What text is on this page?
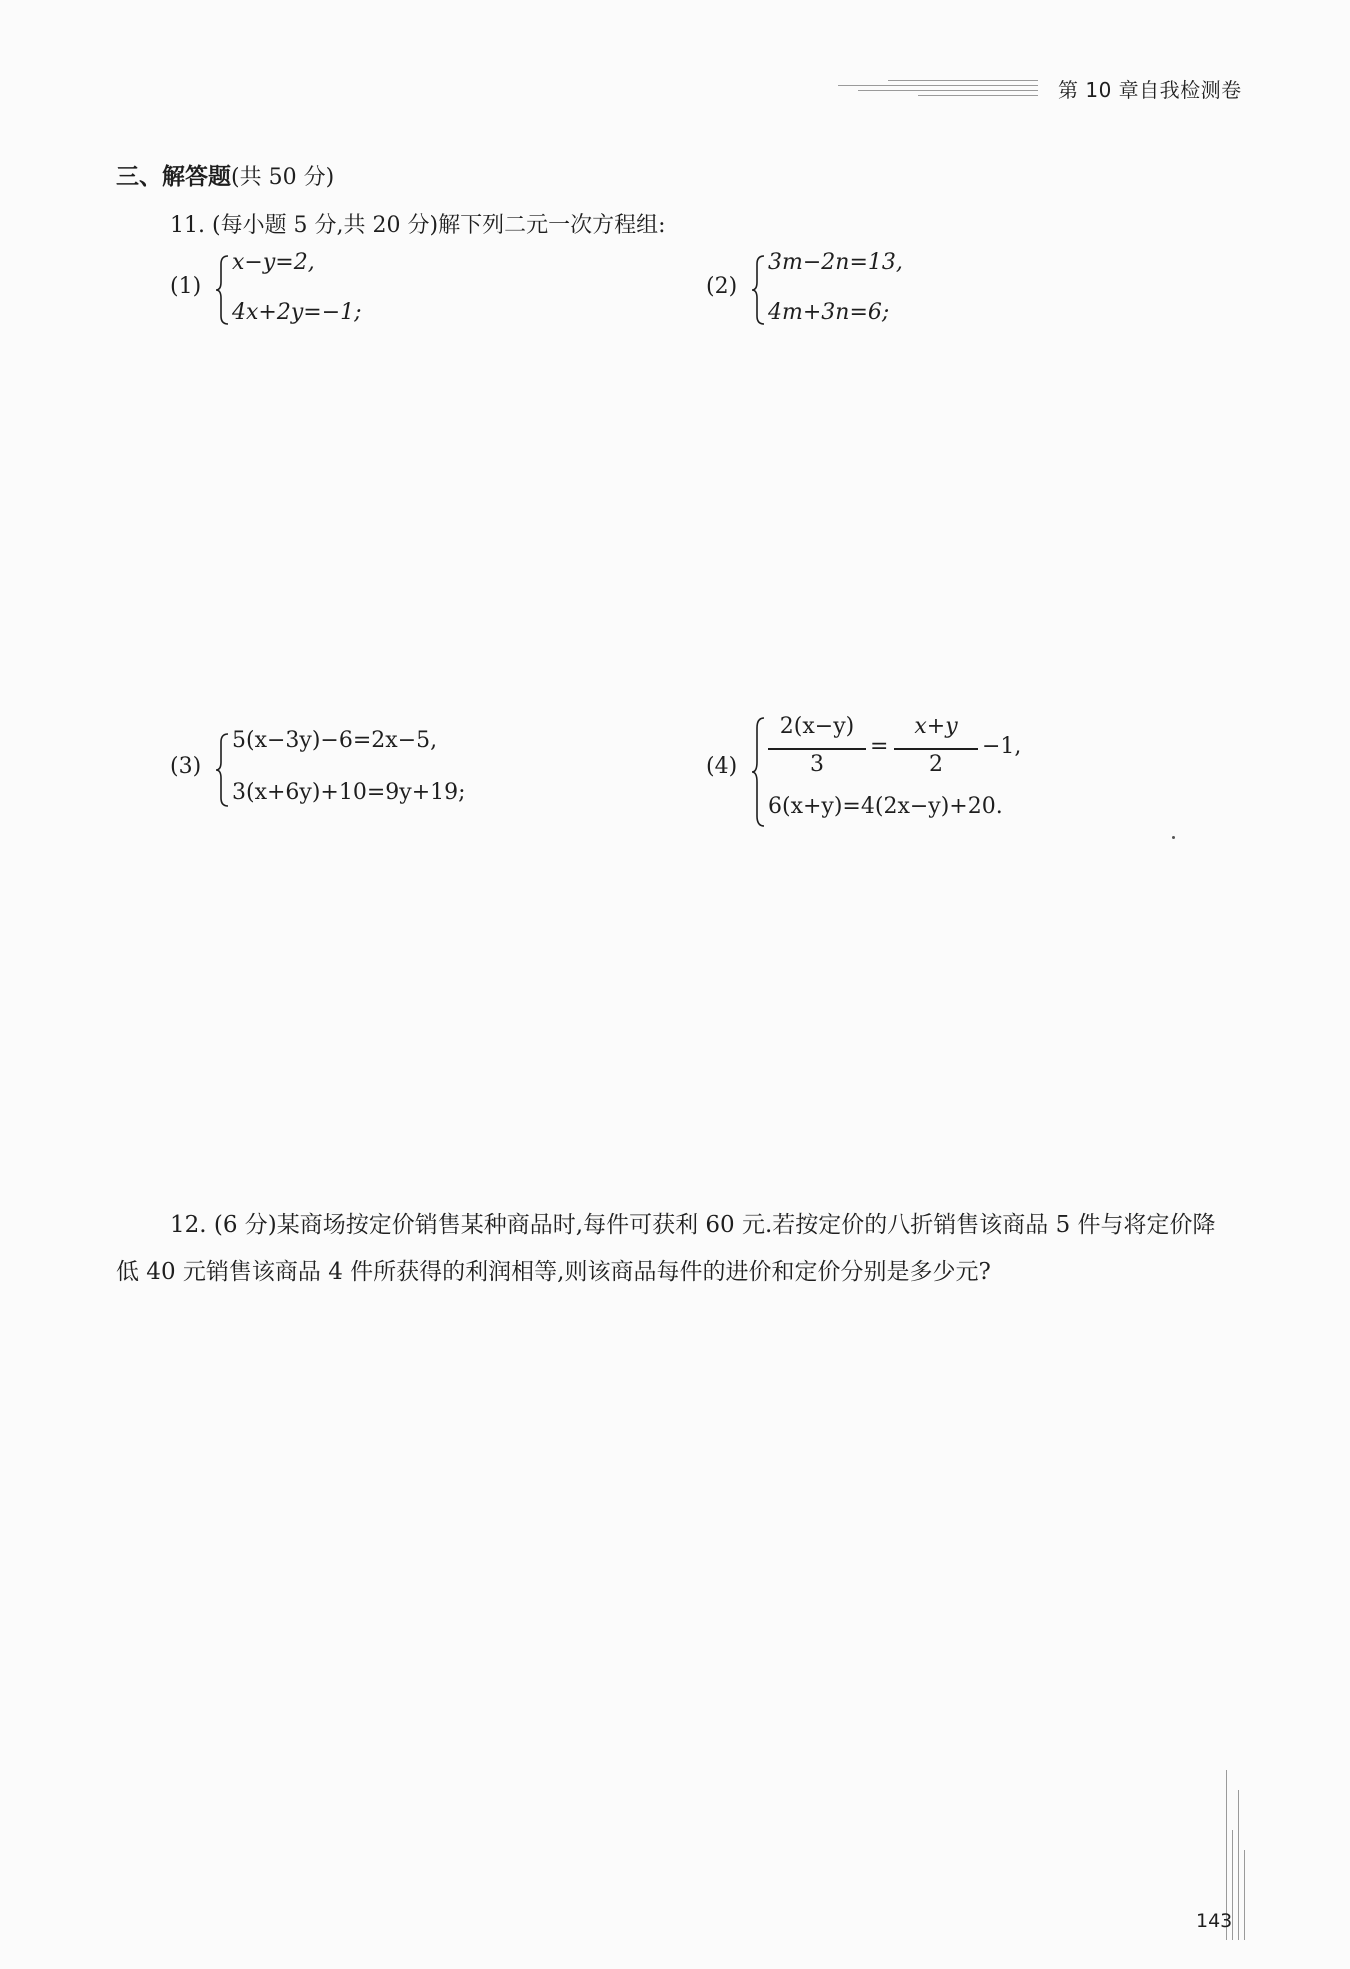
第 10 章自我检测卷
三、解答题(共 50 分)
11. (每小题 5 分,共 20 分)解下列二元一次方程组:
(1)
x−y=2,
4x+2y=−1;
(2)
3m−2n=13,
4m+3n=6;
(3)
5(x−3y)−6=2x−5,
3(x+6y)+10=9y+19;
(4)
2(x−y)
3
=
x+y
2
−1,
6(x+y)=4(2x−y)+20.
12. (6 分)某商场按定价销售某种商品时,每件可获利 60 元.若按定价的八折销售该商品 5 件与将定价降低 40 元销售该商品 4 件所获得的利润相等,则该商品每件的进价和定价分别是多少元?
143
